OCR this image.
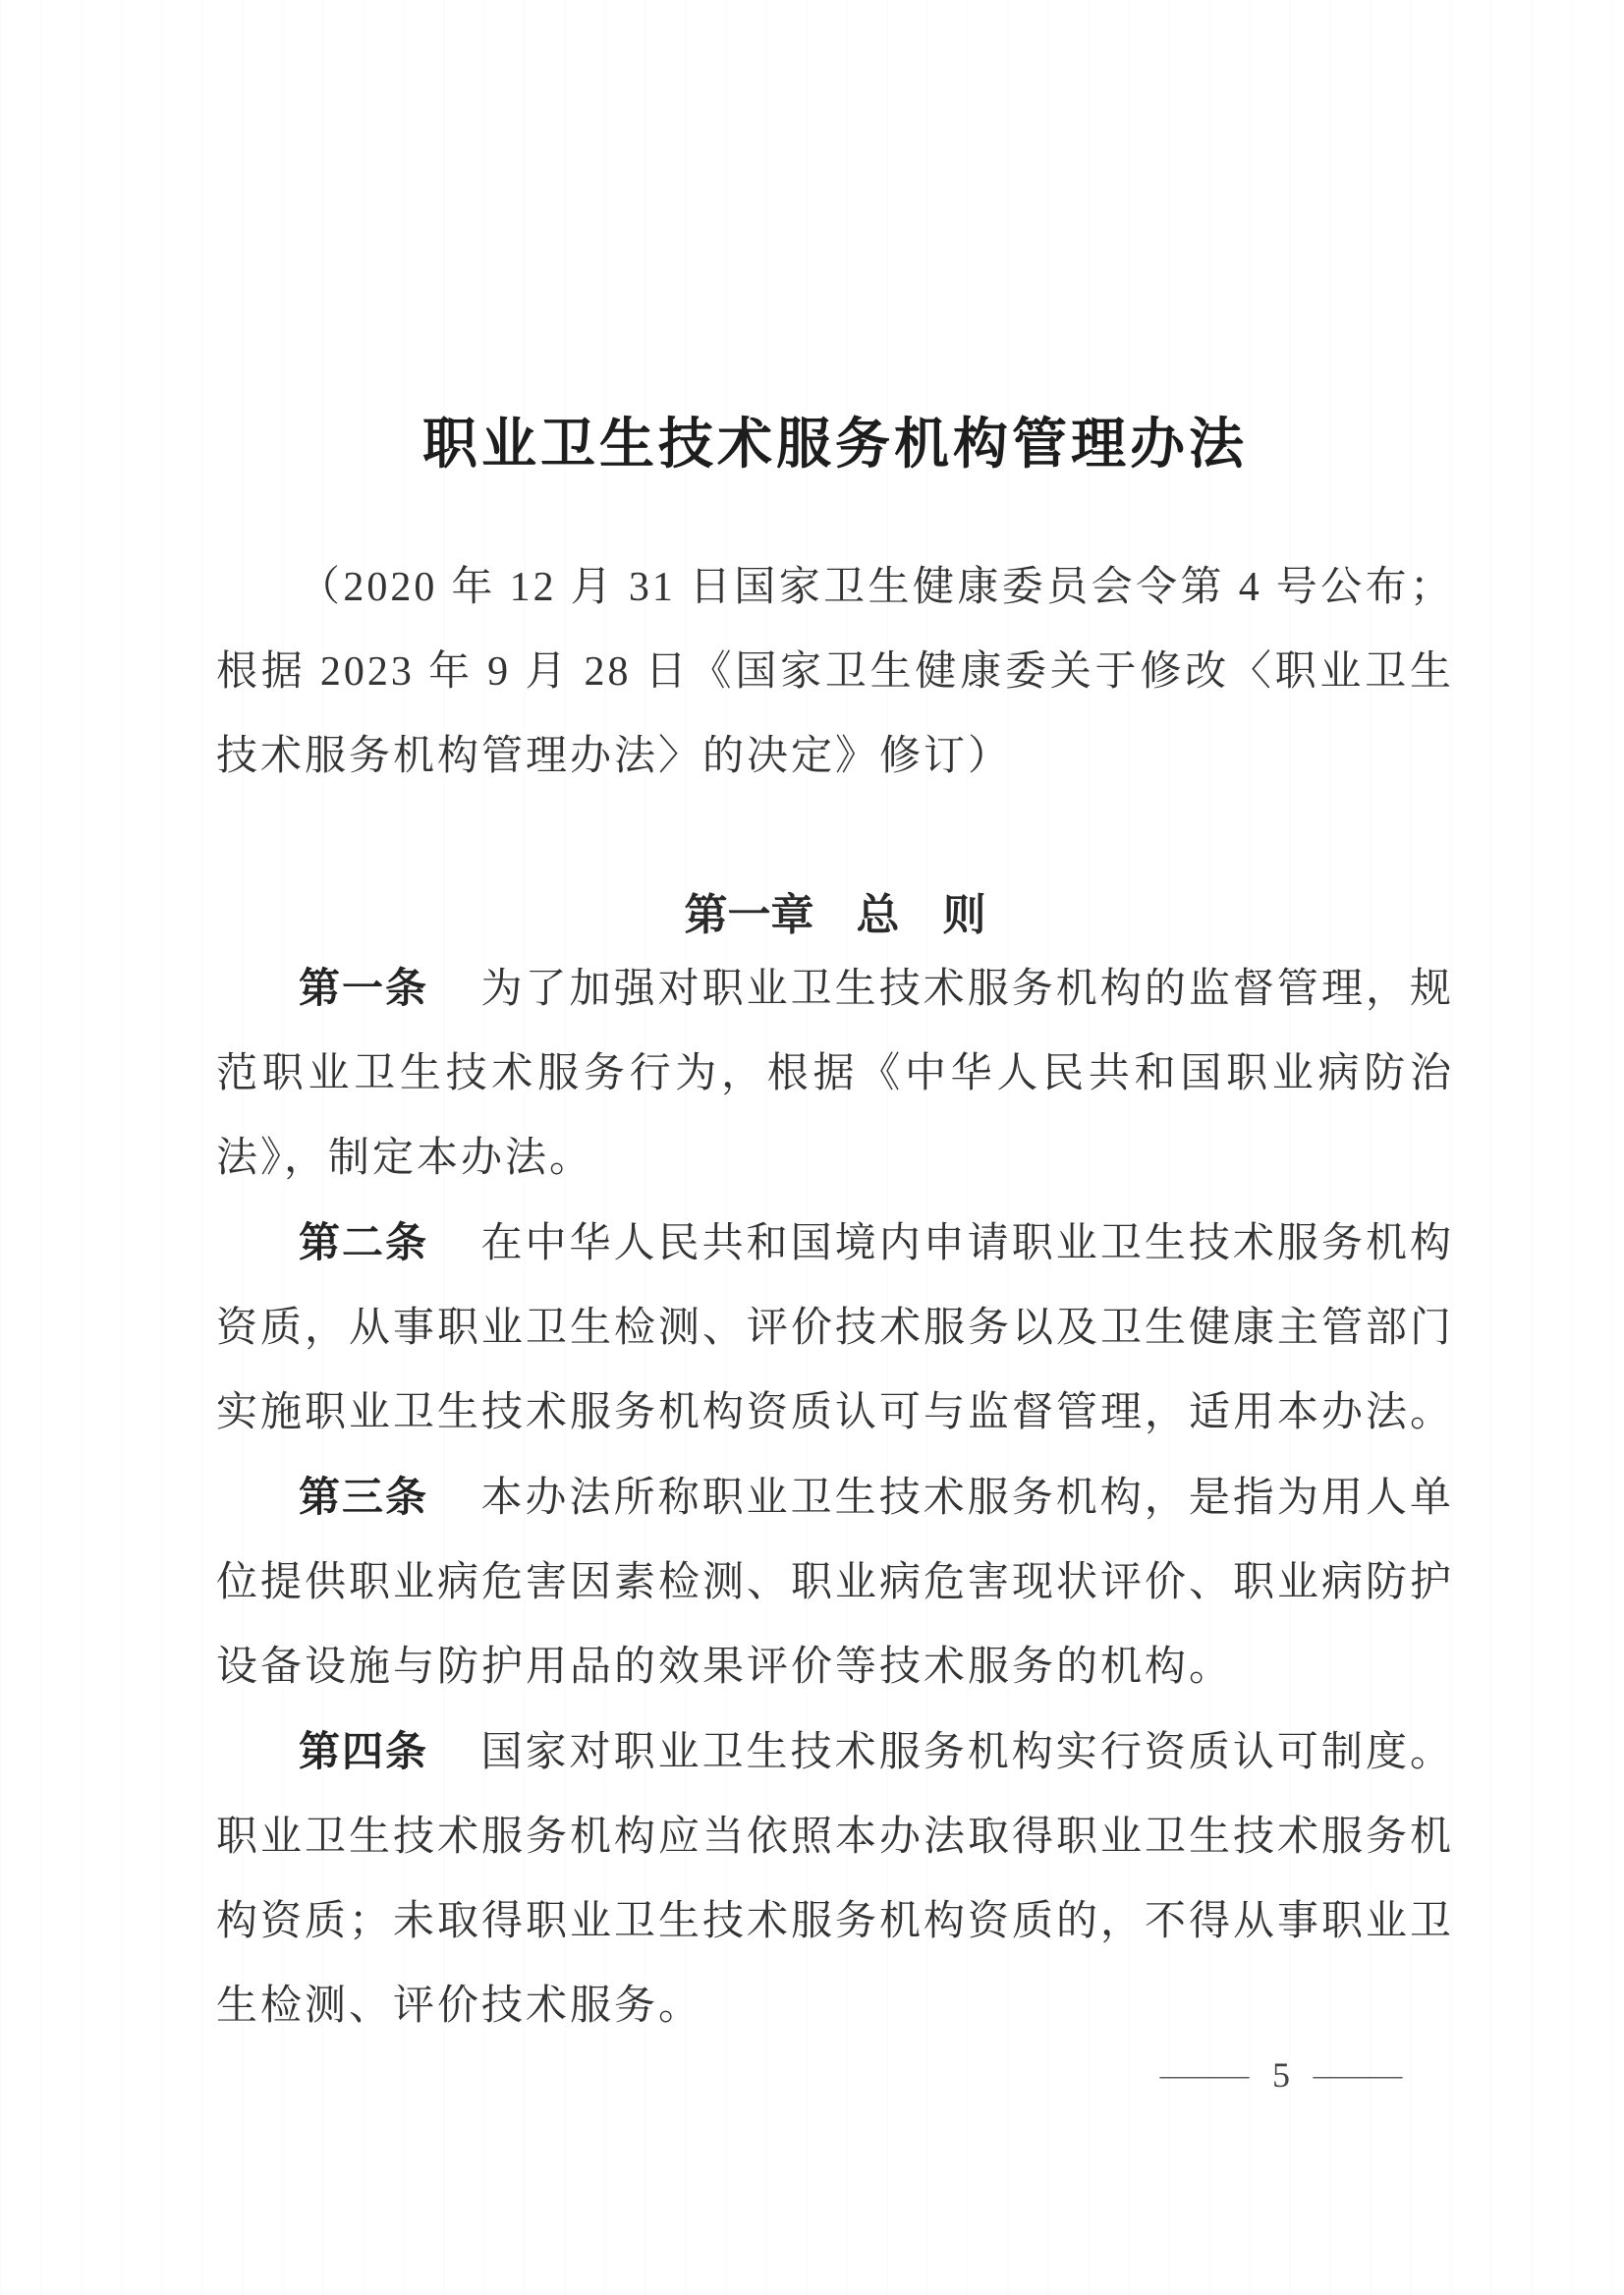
职业卫生技术服务机构管理办法

（2020 年 12 月 31 日国家卫生健康委员会令第 4 号公布；根据 2023 年 9 月 28 日《国家卫生健康委关于修改〈职业卫生技术服务机构管理办法〉的决定》修订）

第一章 总　则

第一条 为了加强对职业卫生技术服务机构的监督管理，规范职业卫生技术服务行为，根据《中华人民共和国职业病防治法》，制定本办法。

第二条 在中华人民共和国境内申请职业卫生技术服务机构资质，从事职业卫生检测、评价技术服务以及卫生健康主管部门实施职业卫生技术服务机构资质认可与监督管理，适用本办法。

第三条 本办法所称职业卫生技术服务机构，是指为用人单位提供职业病危害因素检测、职业病危害现状评价、职业病防护设备设施与防护用品的效果评价等技术服务的机构。

第四条 国家对职业卫生技术服务机构实行资质认可制度。职业卫生技术服务机构应当依照本办法取得职业卫生技术服务机构资质；未取得职业卫生技术服务机构资质的，不得从事职业卫生检测、评价技术服务。

— 5 —
